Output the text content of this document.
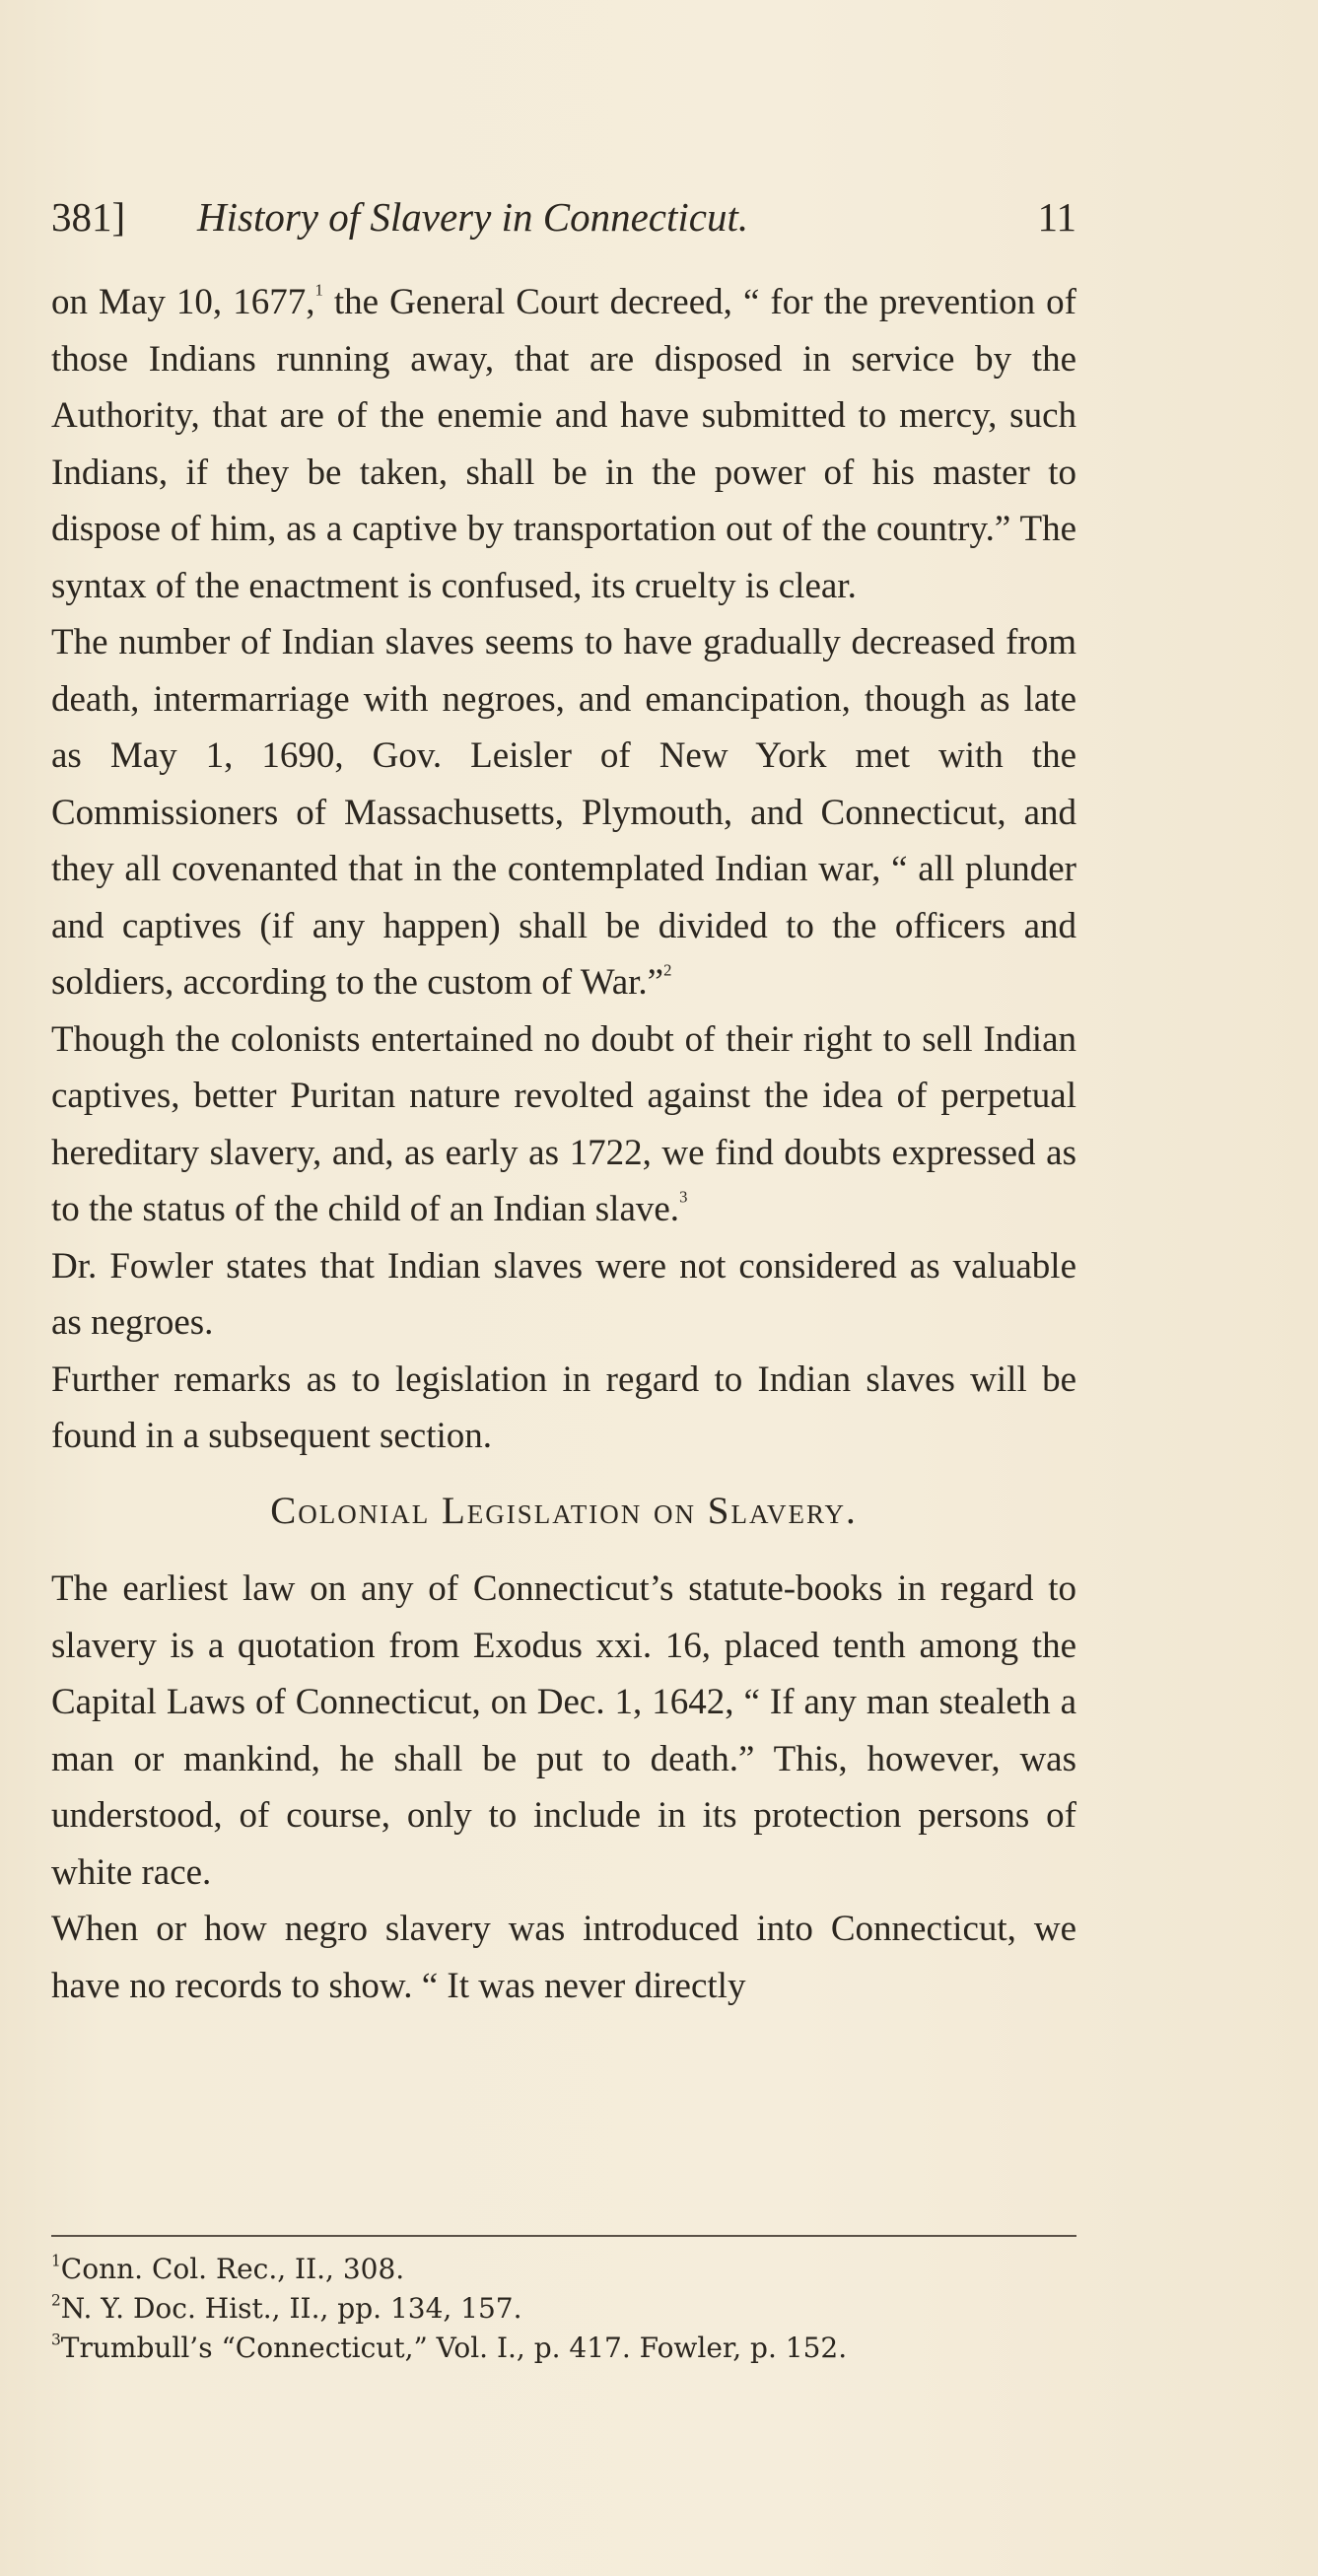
381] History of Slavery in Connecticut.	11

on May 10, 1677,$^1$ the General Court decreed, “ for the prevention of those Indians running away, that are disposed in service by the Authority, that are of the enemie and have submitted to mercy, such Indians, if they be taken, shall be in the power of his master to dispose of him, as a captive by transportation out of the country.” The syntax of the enactment is confused, its cruelty is clear.

The number of Indian slaves seems to have gradually decreased from death, intermarriage with negroes, and emancipation, though as late as May 1, 1690, Gov. Leisler of New York met with the Commissioners of Massachusetts, Plymouth, and Connecticut, and they all covenanted that in the contemplated Indian war, “ all plunder and captives (if any happen) shall be divided to the officers and soldiers, according to the custom of War.”$^2$

Though the colonists entertained no doubt of their right to sell Indian captives, better Puritan nature revolted against the idea of perpetual hereditary slavery, and, as early as 1722, we find doubts expressed as to the status of the child of an Indian slave.$^3$

Dr. Fowler states that Indian slaves were not considered as valuable as negroes.

Further remarks as to legislation in regard to Indian slaves will be found in a subsequent section.

Colonial Legislation on Slavery.

The earliest law on any of Connecticut’s statute-books in regard to slavery is a quotation from Exodus xxi. 16, placed tenth among the Capital Laws of Connecticut, on Dec. 1, 1642, “ If any man stealeth a man or mankind, he shall be put to death.” This, however, was understood, of course, only to include in its protection persons of white race.

When or how negro slavery was introduced into Connecticut, we have no records to show. “ It was never directly

$^1$Conn. Col. Rec., II., 308.
$^2$N. Y. Doc. Hist., II., pp. 134, 157.
$^3$Trumbull’s “Connecticut,” Vol. I., p. 417. Fowler, p. 152.
